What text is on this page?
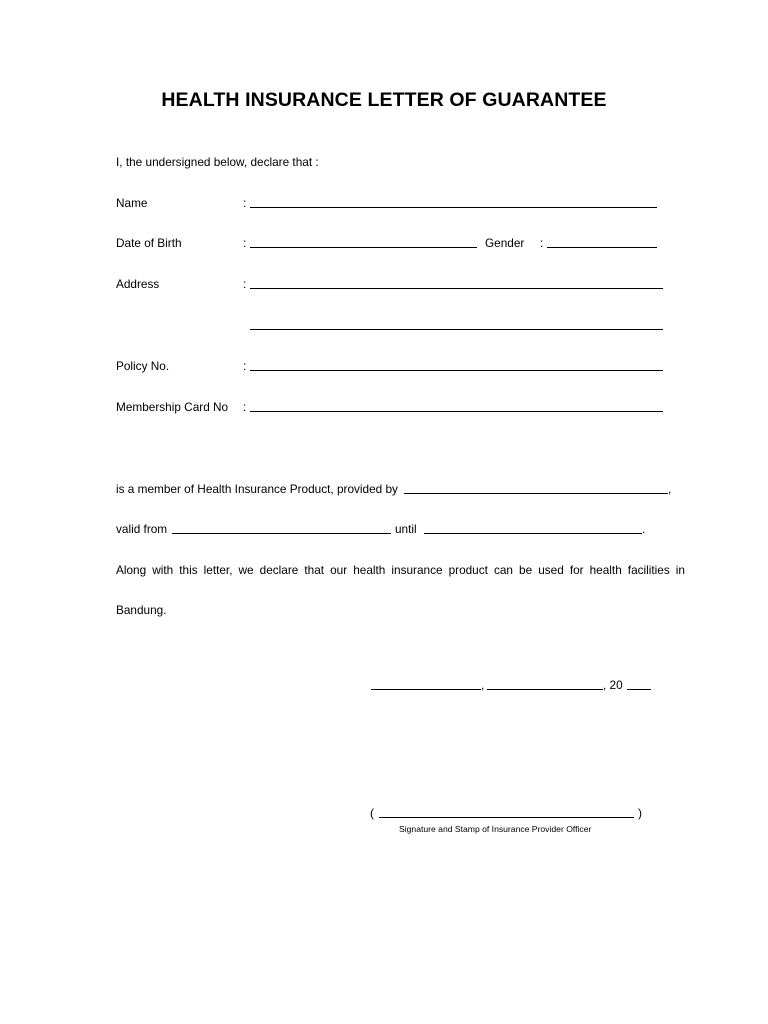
HEALTH INSURANCE LETTER OF GUARANTEE
I, the undersigned below, declare that :
Name	:
Date of Birth	:	Gender :
Address	:
Policy No.	:
Membership Card No :
is a member of Health Insurance Product, provided by	,
valid from	until	.
Along with this letter, we declare that our health insurance product can be used for health facilities in
Bandung.
,	, 20
(	)
Signature and Stamp of Insurance Provider Officer
